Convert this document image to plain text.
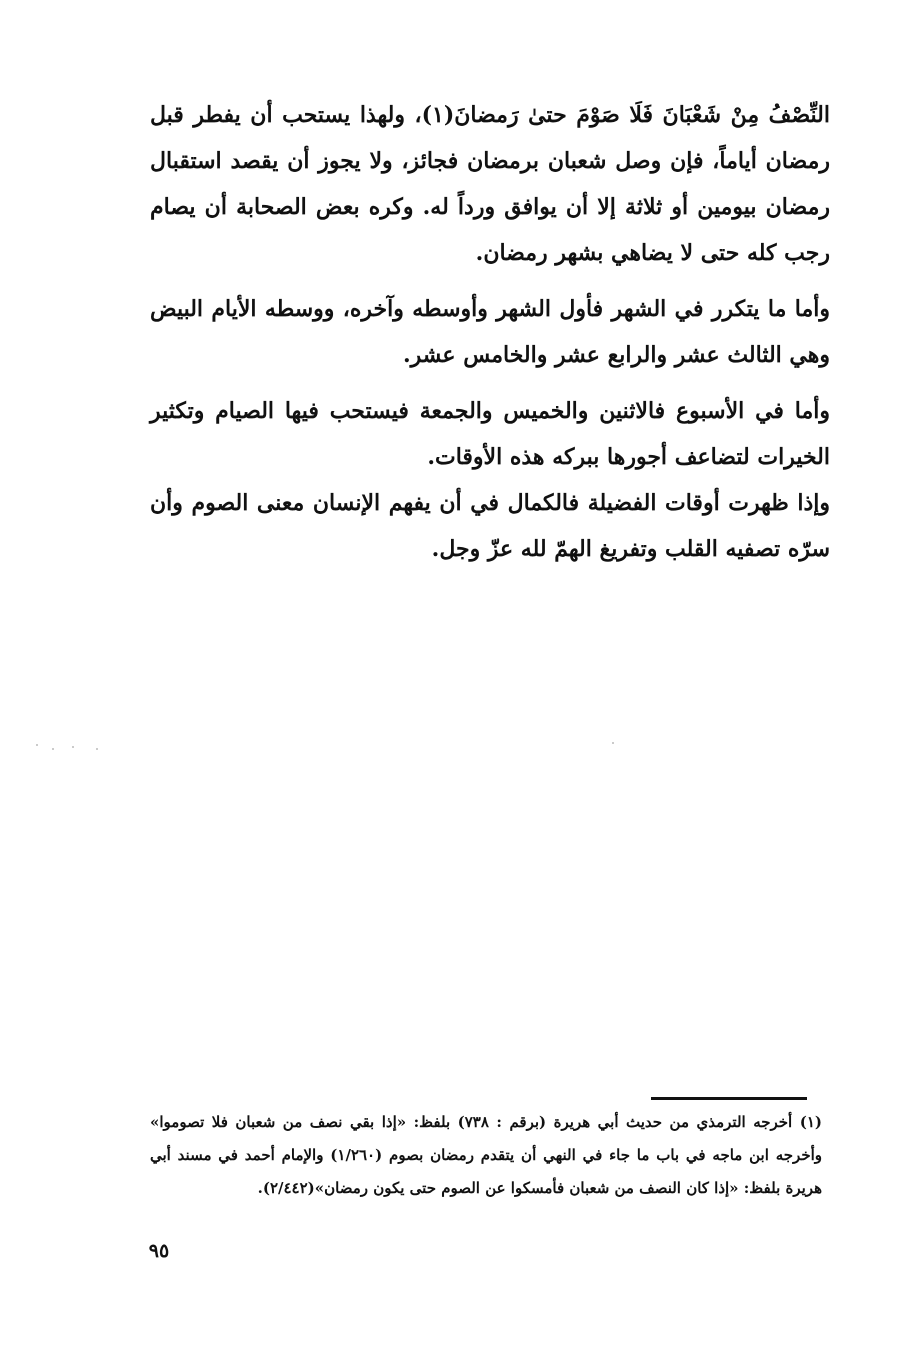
النِّصْفُ مِنْ شَعْبَانَ فَلَا صَوْمَ حتىٰ رَمضانَ(١)، ولهذا يستحب أن يفطر قبل رمضان أياماً، فإن وصل شعبان برمضان فجائز، ولا يجوز أن يقصد استقبال رمضان بيومين أو ثلاثة إلا أن يوافق ورداً له. وكره بعض الصحابة أن يصام رجب كله حتى لا يضاهي بشهر رمضان.

وأما ما يتكرر في الشهر فأول الشهر وأوسطه وآخره، ووسطه الأيام البيض وهي الثالث عشر والرابع عشر والخامس عشر.

وأما في الأسبوع فالاثنين والخميس والجمعة فيستحب فيها الصيام وتكثير الخيرات لتضاعف أجورها ببركه هذه الأوقات.

وإذا ظهرت أوقات الفضيلة فالكمال في أن يفهم الإنسان معنى الصوم وأن سرّه تصفيه القلب وتفريغ الهمّ لله عزّ وجل.

(١) أخرجه الترمذي من حديث أبي هريرة (برقم : ٧٣٨) بلفظ: «إذا بقي نصف من شعبان فلا تصوموا» وأخرجه ابن ماجه في باب ما جاء في النهي أن يتقدم رمضان بصوم (١/٢٦٠) والإمام أحمد في مسند أبي هريرة بلفظ: «إذا كان النصف من شعبان فأمسكوا عن الصوم حتى يكون رمضان»(٢/٤٤٢).
٩٥
